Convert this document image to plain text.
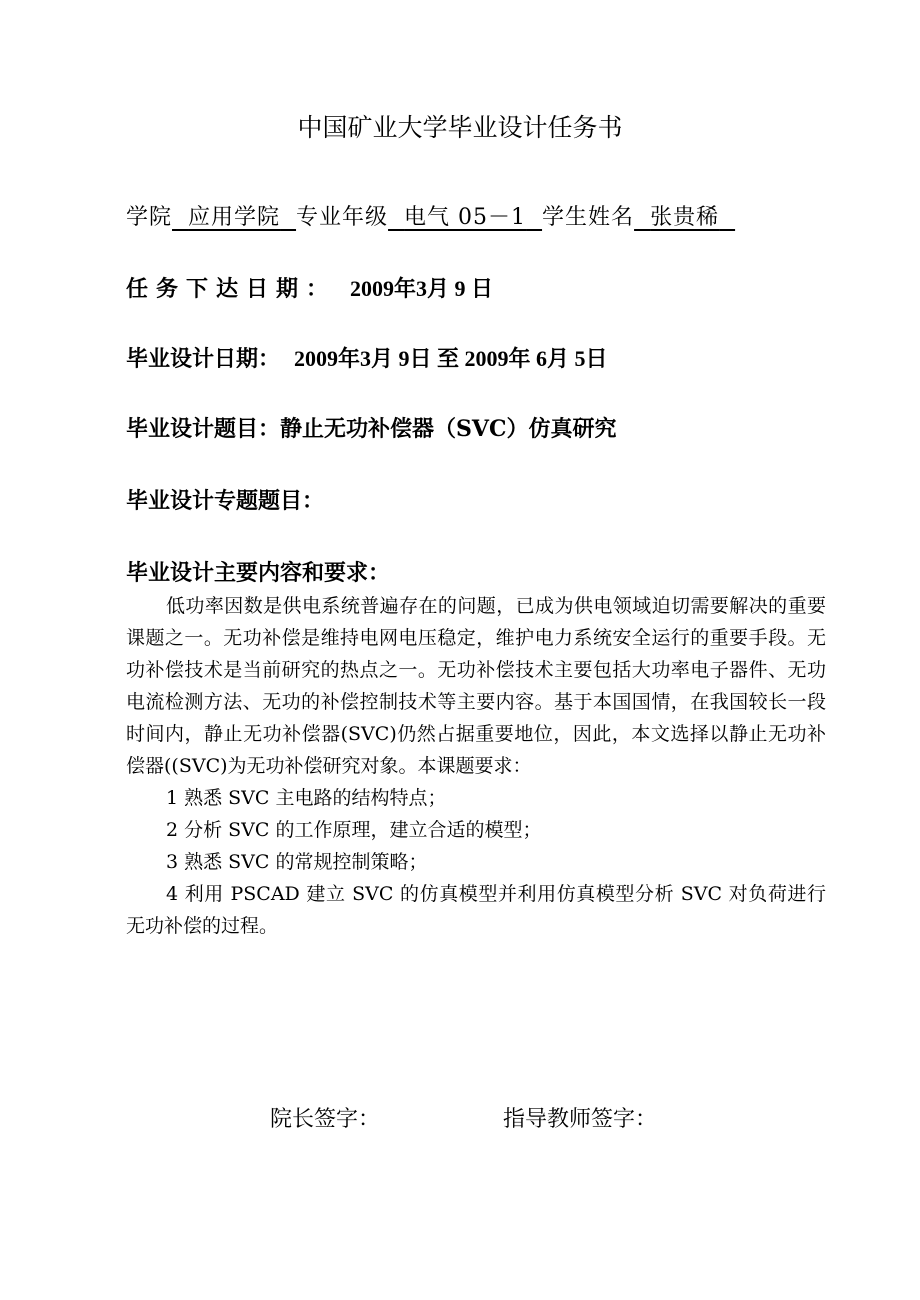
中国矿业大学毕业设计任务书
学院 应用学院 专业年级 电气 05－1 学生姓名 张贵稀
任务下达日期： 2009年3月 9 日
毕业设计日期： 2009年3月 9日 至 2009年 6月 5日
毕业设计题目：静止无功补偿器（SVC）仿真研究
毕业设计专题题目：
毕业设计主要内容和要求：

低功率因数是供电系统普遍存在的问题，已成为供电领域迫切需要解决的重要课题之一。无功补偿是维持电网电压稳定，维护电力系统安全运行的重要手段。无功补偿技术是当前研究的热点之一。无功补偿技术主要包括大功率电子器件、无功电流检测方法、无功的补偿控制技术等主要内容。基于本国国情，在我国较长一段时间内，静止无功补偿器(SVC)仍然占据重要地位，因此，本文选择以静止无功补偿器((SVC)为无功补偿研究对象。本课题要求：

1 熟悉 SVC 主电路的结构特点；

2 分析 SVC 的工作原理，建立合适的模型；

3 熟悉 SVC 的常规控制策略；

4 利用 PSCAD 建立 SVC 的仿真模型并利用仿真模型分析 SVC 对负荷进行无功补偿的过程。

院长签字：	指导教师签字：
